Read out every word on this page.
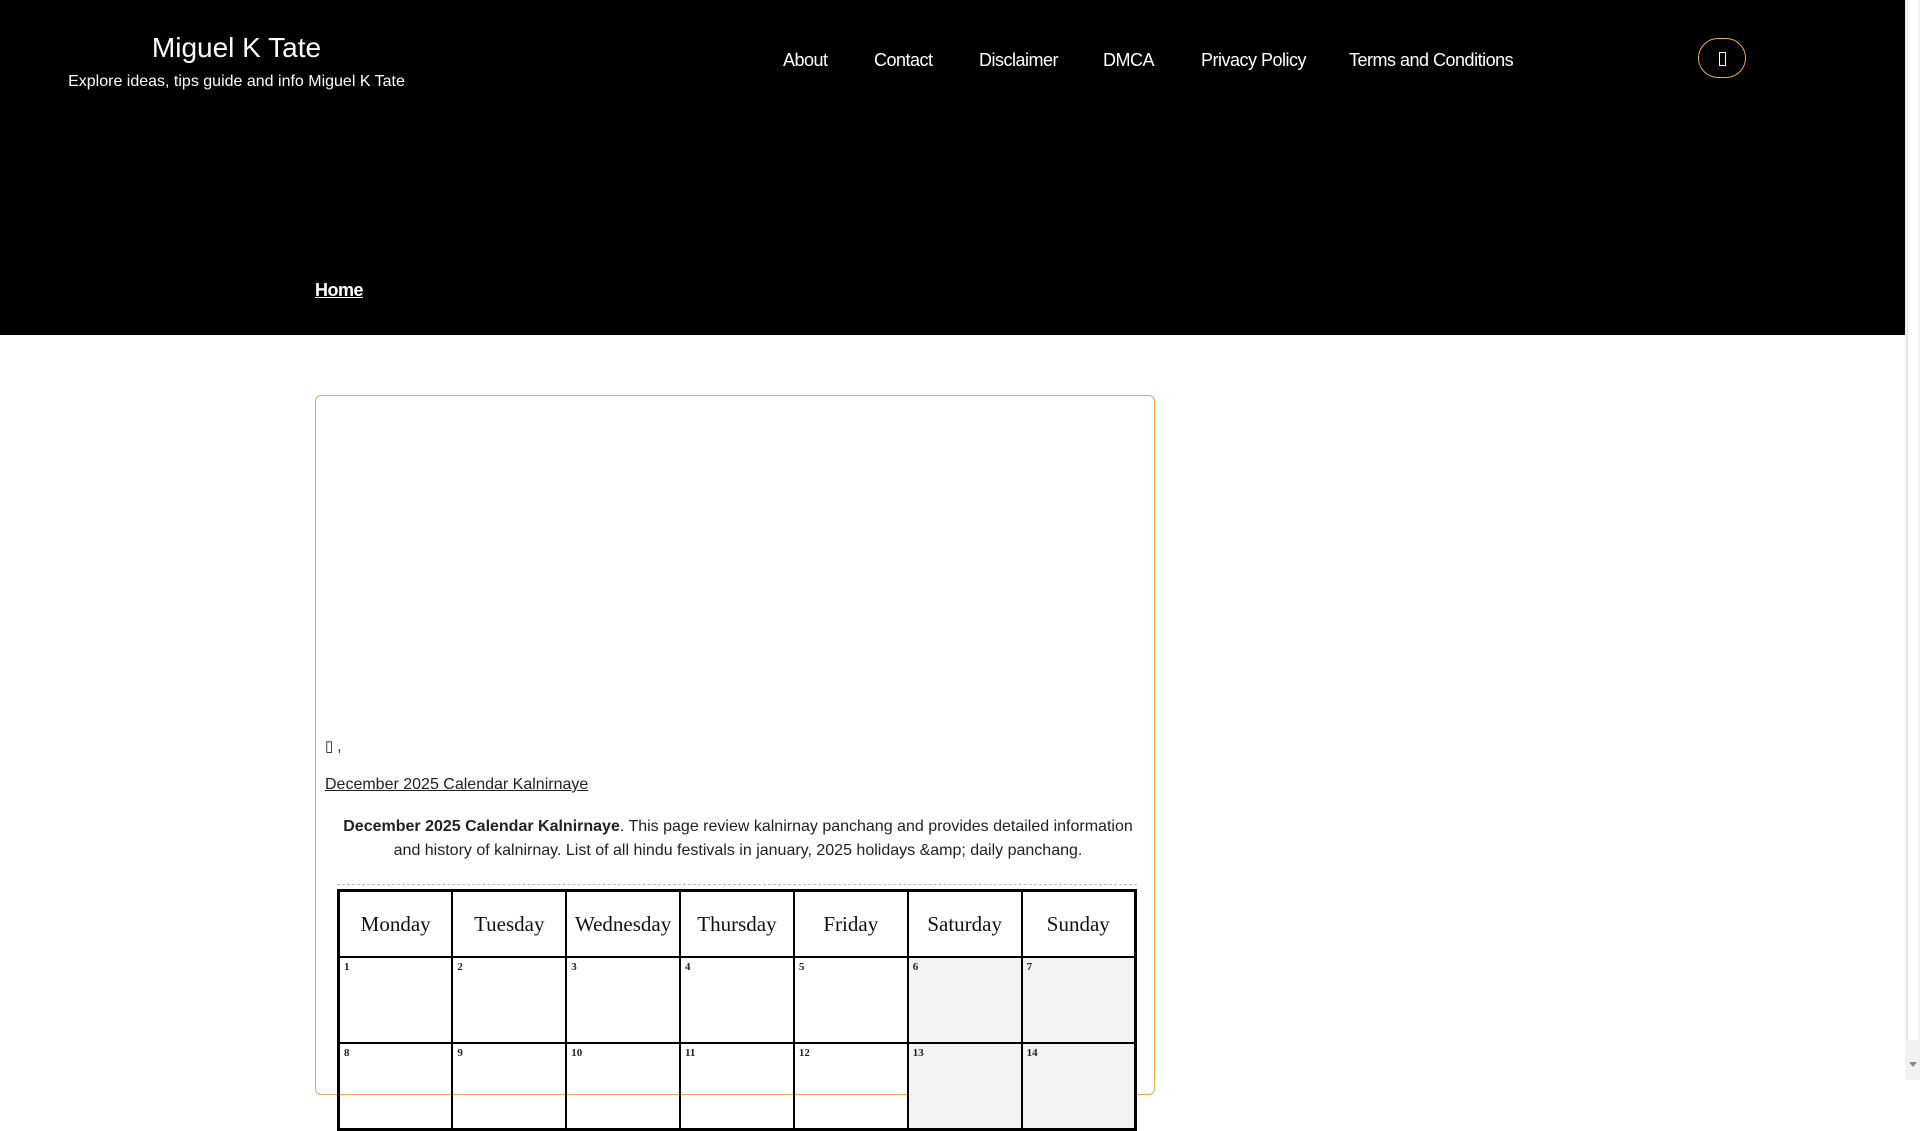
Miguel K Tate
Explore ideas, tips guide and info Miguel K Tate
About	Contact	Disclaimer DMCA	Privacy Policy Terms and Conditions
Home
▯ ,
December 2025 Calendar Kalnirnaye
December 2025 Calendar Kalnirnaye. This page review kalnirnay panchang and provides detailed information and history of kalnirnay. List of all hindu festivals in january, 2025 holidays &amp; daily panchang.
Monday	Tuesday	Wednesday	Thursday	Friday	Saturday	Sunday
1	2	3	4	5	6	7
8	9	10	11	12	13	14
